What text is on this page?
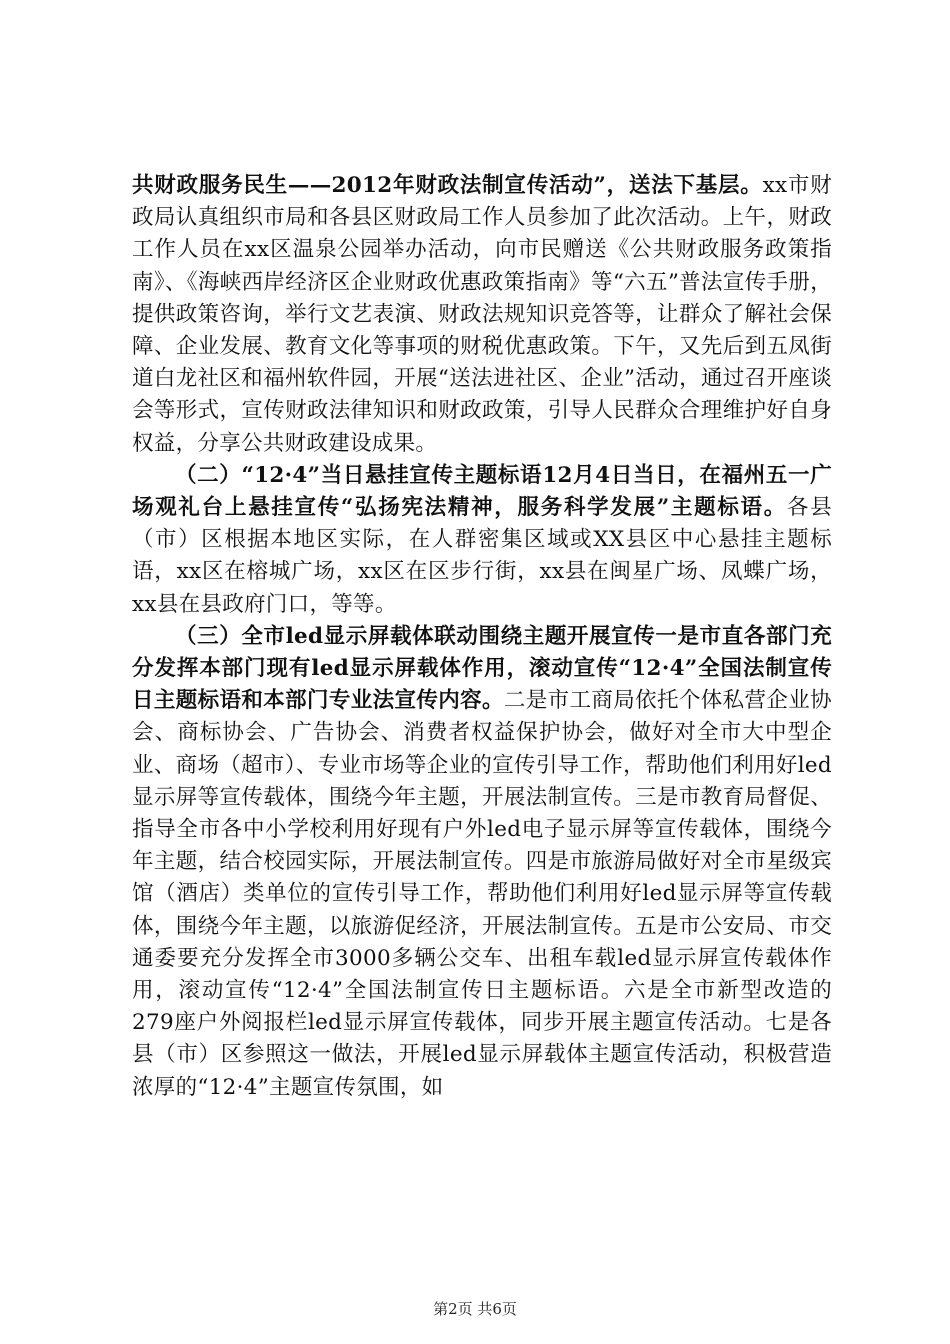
共财政服务民生——2012年财政法制宣传活动”，送法下基层。xx市财政局认真组织市局和各县区财政局工作人员参加了此次活动。上午，财政工作人员在xx区温泉公园举办活动，向市民赠送《公共财政服务政策指南》、《海峡西岸经济区企业财政优惠政策指南》等“六五”普法宣传手册，提供政策咨询，举行文艺表演、财政法规知识竞答等，让群众了解社会保障、企业发展、教育文化等事项的财税优惠政策。下午，又先后到五凤街道白龙社区和福州软件园，开展“送法进社区、企业”活动，通过召开座谈会等形式，宣传财政法律知识和财政政策，引导人民群众合理维护好自身权益，分享公共财政建设成果。

（二）“12·4”当日悬挂宣传主题标语12月4日当日，在福州五一广场观礼台上悬挂宣传“弘扬宪法精神，服务科学发展”主题标语。各县（市）区根据本地区实际，在人群密集区域或XX县区中心悬挂主题标语，xx区在榕城广场，xx区在区步行街，xx县在闽星广场、凤蝶广场，xx县在县政府门口，等等。

（三）全市led显示屏载体联动围绕主题开展宣传一是市直各部门充分发挥本部门现有led显示屏载体作用，滚动宣传“12·4”全国法制宣传日主题标语和本部门专业法宣传内容。二是市工商局依托个体私营企业协会、商标协会、广告协会、消费者权益保护协会，做好对全市大中型企业、商场（超市）、专业市场等企业的宣传引导工作，帮助他们利用好led显示屏等宣传载体，围绕今年主题，开展法制宣传。三是市教育局督促、指导全市各中小学校利用好现有户外led电子显示屏等宣传载体，围绕今年主题，结合校园实际，开展法制宣传。四是市旅游局做好对全市星级宾馆（酒店）类单位的宣传引导工作，帮助他们利用好led显示屏等宣传载体，围绕今年主题，以旅游促经济，开展法制宣传。五是市公安局、市交通委要充分发挥全市3000多辆公交车、出租车载led显示屏宣传载体作用，滚动宣传“12·4”全国法制宣传日主题标语。六是全市新型改造的279座户外阅报栏led显示屏宣传载体，同步开展主题宣传活动。七是各县（市）区参照这一做法，开展led显示屏载体主题宣传活动，积极营造浓厚的“12·4”主题宣传氛围，如

第2页 共6页
